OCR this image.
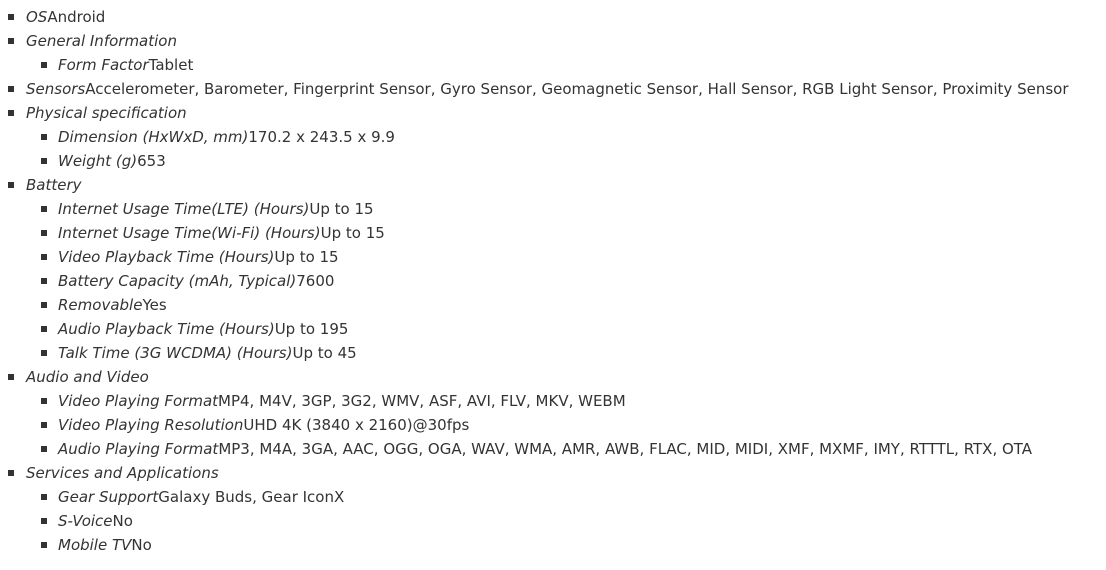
OSAndroid
General Information
Form FactorTablet
SensorsAccelerometer, Barometer, Fingerprint Sensor, Gyro Sensor, Geomagnetic Sensor, Hall Sensor, RGB Light Sensor, Proximity Sensor
Physical specification
Dimension (HxWxD, mm)170.2 x 243.5 x 9.9
Weight (g)653
Battery
Internet Usage Time(LTE) (Hours)Up to 15
Internet Usage Time(Wi-Fi) (Hours)Up to 15
Video Playback Time (Hours)Up to 15
Battery Capacity (mAh, Typical)7600
RemovableYes
Audio Playback Time (Hours)Up to 195
Talk Time (3G WCDMA) (Hours)Up to 45
Audio and Video
Video Playing FormatMP4, M4V, 3GP, 3G2, WMV, ASF, AVI, FLV, MKV, WEBM
Video Playing ResolutionUHD 4K (3840 x 2160)@30fps
Audio Playing FormatMP3, M4A, 3GA, AAC, OGG, OGA, WAV, WMA, AMR, AWB, FLAC, MID, MIDI, XMF, MXMF, IMY, RTTTL, RTX, OTA
Services and Applications
Gear SupportGalaxy Buds, Gear IconX
S-VoiceNo
Mobile TVNo
